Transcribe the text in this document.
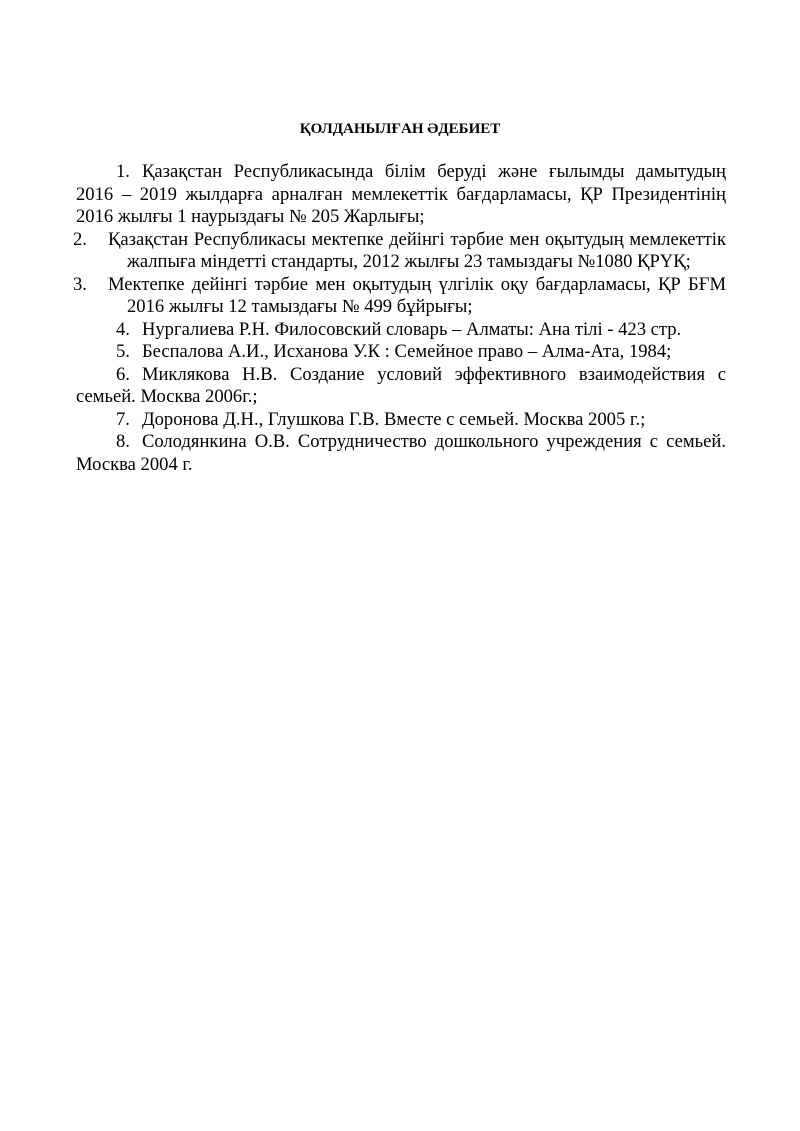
ҚОЛДАНЫЛҒАН ӘДЕБИЕТ

1. Қазақстан Республикасында білім беруді және ғылымды дамытудың 2016 – 2019 жылдарға арналған мемлекеттік бағдарламасы, ҚР Президентінің 2016 жылғы 1 наурыздағы № 205 Жарлығы;

2. Қазақстан Республикасы мектепке дейінгі тәрбие мен оқытудың мемлекеттік жалпыға міндетті стандарты, 2012 жылғы 23 тамыздағы №1080 ҚРҮҚ;

3. Мектепке дейінгі тәрбие мен оқытудың үлгілік оқу бағдарламасы, ҚР БҒМ 2016 жылғы 12 тамыздағы № 499 бұйрығы;

4. Нургалиева Р.Н. Филосовский словарь – Алматы: Ана тілі - 423 стр.

5. Беспалова А.И., Исханова У.К : Семейное право – Алма-Ата, 1984;

6. Миклякова Н.В. Создание условий эффективного взаимодействия с семьей. Москва 2006г.;

7. Доронова Д.Н., Глушкова Г.В. Вместе с семьей. Москва 2005 г.;

8. Солодянкина О.В. Сотрудничество дошкольного учреждения с семьей. Москва 2004 г.
